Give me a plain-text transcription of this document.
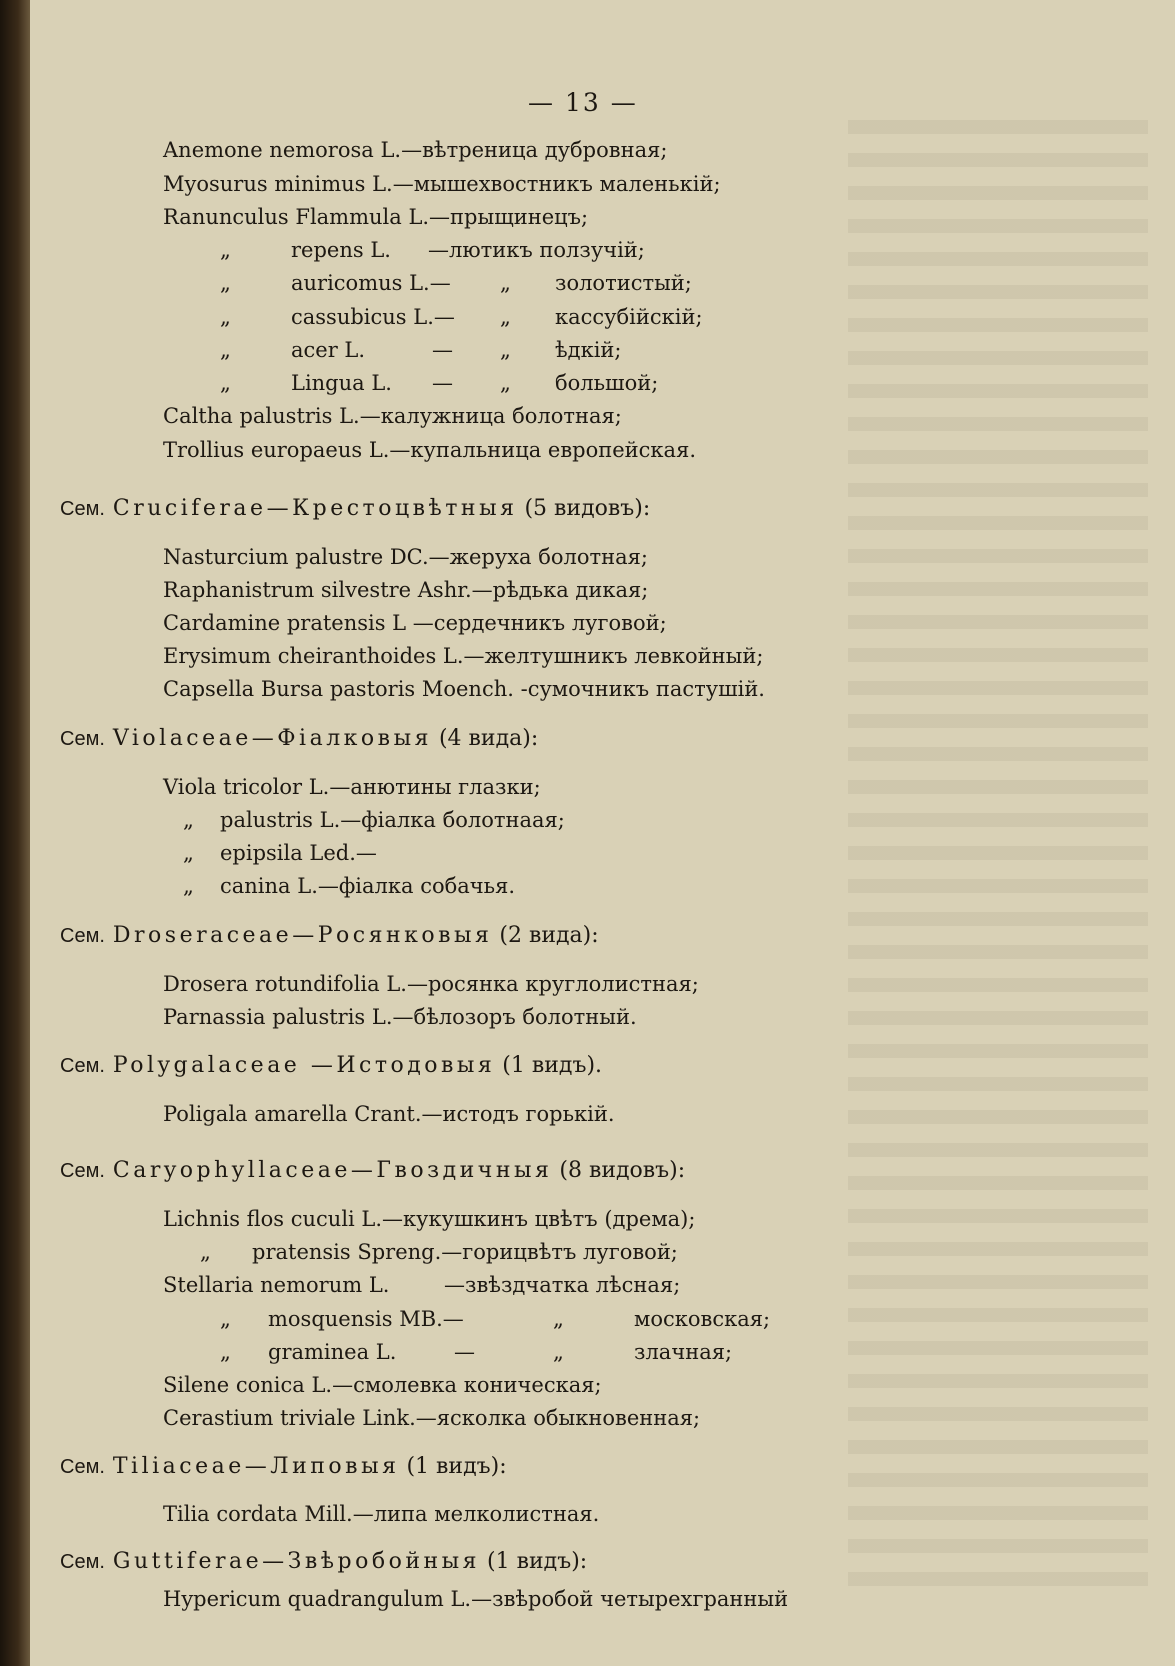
— 13 —
Anemone nemorosa L.—вѣтреница дубровная;
Myosurus minimus L.—мышехвостникъ маленькій;
Ranunculus Flammula L.—прыщинецъ;
„	repens L. —лютикъ ползучій;
„	auricomus L.— „ золотистый;
„	cassubicus L.— „ кассубійскій;
„	acer L.	— „ ѣдкій;
„	Lingua L. — „ большой;
Caltha palustris L.—калужница болотная;
Trollius europaeus L.—купальница европейская.
Сем. Cruciferae—Крестоцвѣтныя (5 видовъ):
Nasturcium palustre DC.—жеруха болотная;
Raphanistrum silvestre Ashr.—рѣдька дикая;
Cardamine pratensis L —сердечникъ луговой;
Erysimum cheiranthoides L.—желтушникъ левкойный;
Capsella Bursa pastoris Moench. -сумочникъ пастушій.
Сем. Violaceae—Фіалковыя (4 вида):
Viola tricolor L.—анютины глазки;
„ palustris L.—фіалка болотнаая;
„ epipsila Led.—
„ canina L.—фіалка собачья.
Сем. Droseraceae—Росянковыя (2 вида):
Drosera rotundifolia L.—росянка круглолистная;
Parnassia palustris L.—бѣлозоръ болотный.
Сем. Polygalaceae —Истодовыя (1 видъ).
Poligala amarella Crant.—истодъ горькій.
Сем. Caryophyllaceae—Гвоздичныя (8 видовъ):
Lichnis flos cuculi L.—кукушкинъ цвѣтъ (дрема);
„ pratensis Spreng.—горицвѣтъ луговой;
Stellaria nemorum L.	—звѣздчатка лѣсная;
„ mosquensis MB.—	„	московская;
„ graminea L.	—	„	злачная;
Silene conica L.—смолевка коническая;
Cerastium triviale Link.—ясколка обыкновенная;
Сем. Tiliaceae—Липовыя (1 видъ):
Tilia cordata Mill.—липа мелколистная.
Сем. Guttiferae—Звѣробойныя (1 видъ):
Hypericum quadrangulum L.—звѣробой четырехгранный
